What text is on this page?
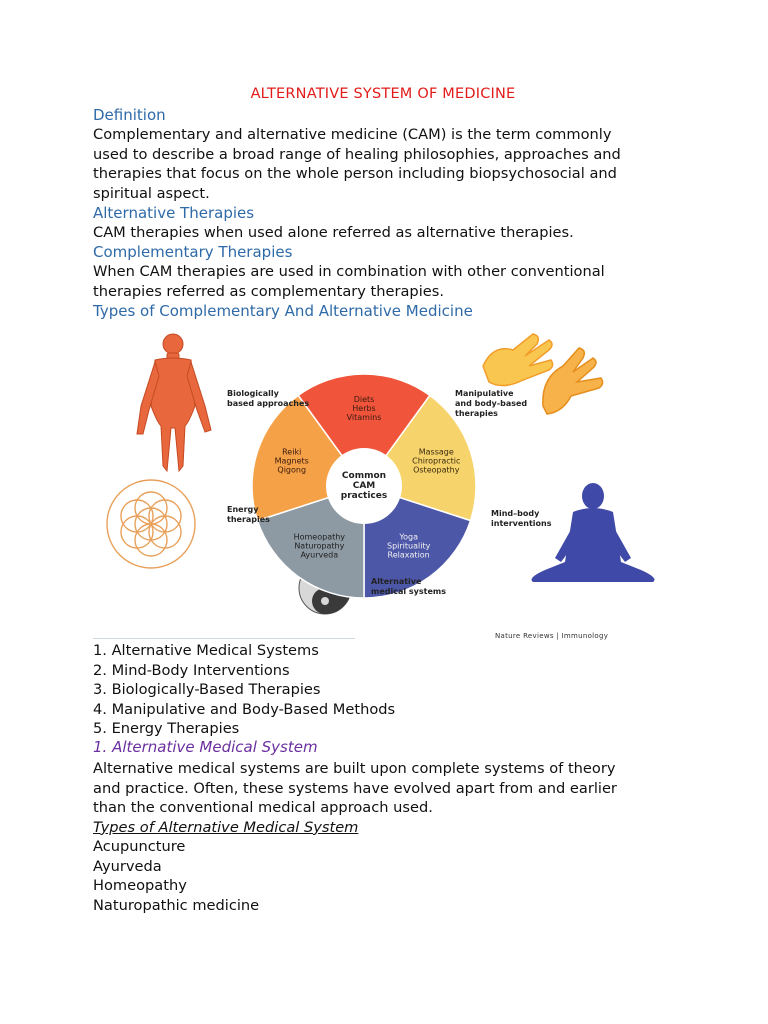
ALTERNATIVE SYSTEM OF MEDICINE
Definition
Complementary and alternative medicine (CAM) is the term commonly
used to describe a broad range of healing philosophies, approaches and
therapies that focus on the whole person including biopsychosocial and
spiritual aspect.
Alternative Therapies
CAM therapies when used alone referred as alternative therapies.
Complementary Therapies
When CAM therapies are used in combination with other conventional
therapies referred as complementary therapies.
Types of Complementary And Alternative Medicine
1. Alternative Medical Systems
2. Mind-Body Interventions
3. Biologically-Based Therapies
4. Manipulative and Body-Based Methods
5. Energy Therapies
1. Alternative Medical System
Alternative medical systems are built upon complete systems of theory
and practice. Often, these systems have evolved apart from and earlier
than the conventional medical approach used.
Types of Alternative Medical System
Acupuncture
Ayurveda
Homeopathy
Naturopathic medicine
Diets Herbs Vitamins
Massage Chiropractic Osteopathy
Yoga Spirituality Relaxation
Homeopathy Naturopathy Ayurveda
Reiki Magnets Qigong
Common CAM practices
Biologically based approaches
Manipulative and body-based therapies
Energy therapies
Mind–body interventions
Alternative medical systems
Nature Reviews | Immunology
